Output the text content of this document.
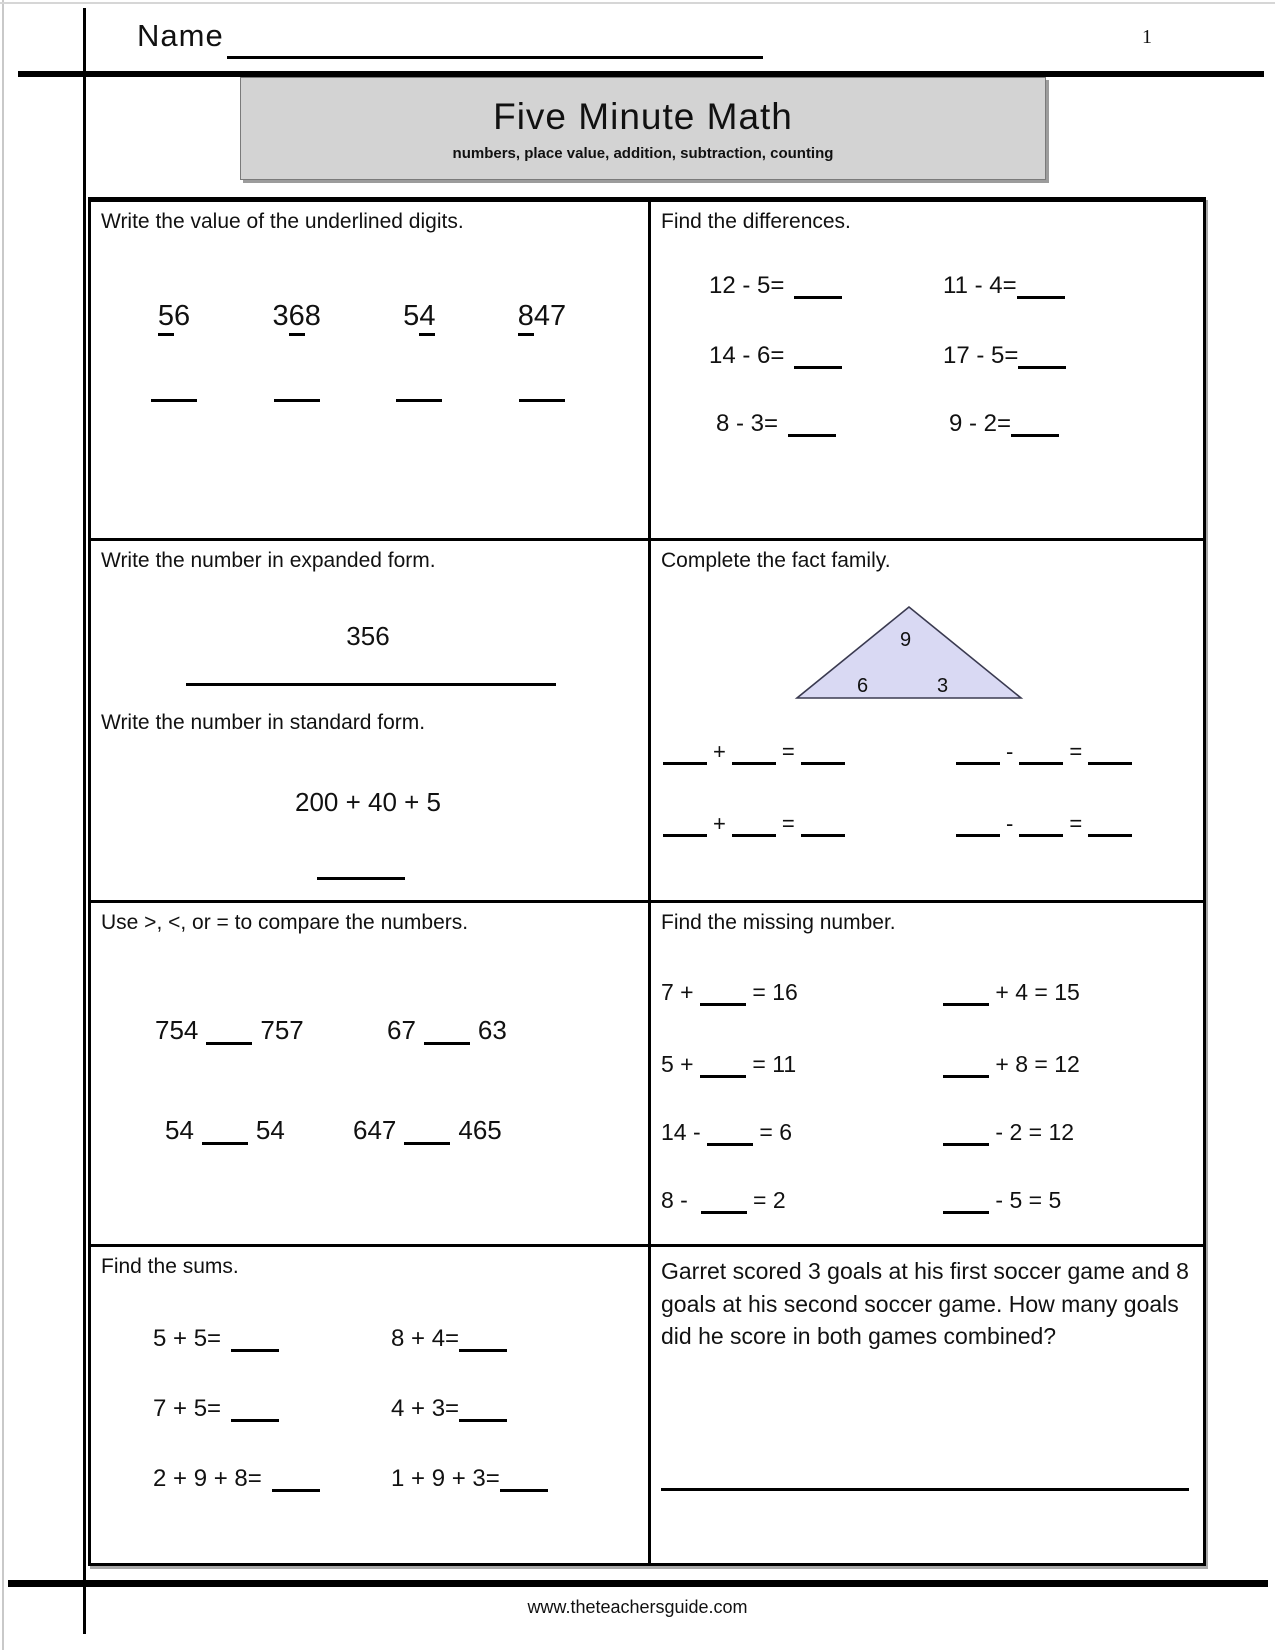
Name	1
Five Minute Math
numbers, place value, addition, subtraction, counting
Write the value of the underlined digits.
56	368	54	847
Find the differences.
12 - 5=	11 - 4=
14 - 6=	17 - 5=
8 - 3=	9 - 2=
Write the number in expanded form.
356
Write the number in standard form.
200 + 40 + 5
Complete the fact family.
9
6	3
+	=	-	=
+	=	-	=
Use >, <, or = to compare the numbers.
754 757	67 63
54 54	647 465
Find the missing number.
7 +	= 16	+ 4 = 15
5 +	= 11	+ 8 = 12
14 -	= 6	- 2 = 12
8 -	= 2	- 5 = 5
Find the sums.
5 + 5=	8 + 4=
7 + 5=	4 + 3=
2 + 9 + 8=	1 + 9 + 3=
Garret scored 3 goals at his first soccer game and 8 goals at his second soccer game. How many goals did he score in both games combined?
www.theteachersguide.com
